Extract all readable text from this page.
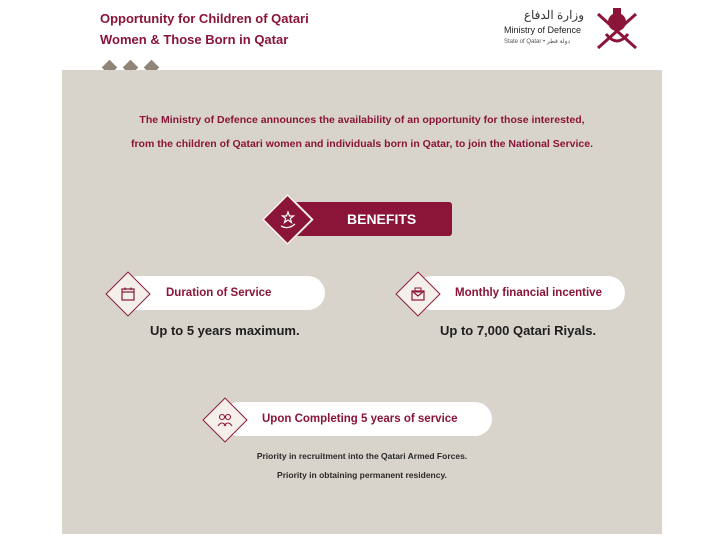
Opportunity for Children of Qatari
Women & Those Born in Qatar
وزارة الدفاع
Ministry of Defence
State of Qatar • دولة قطر
The Ministry of Defence announces the availability of an opportunity for those interested,
from the children of Qatari women and individuals born in Qatar, to join the National Service.
BENEFITS
Duration of Service
Up to 5 years maximum.
Monthly financial incentive
Up to 7,000 Qatari Riyals.
Upon Completing 5 years of service
Priority in recruitment into the Qatari Armed Forces.
Priority in obtaining permanent residency.
